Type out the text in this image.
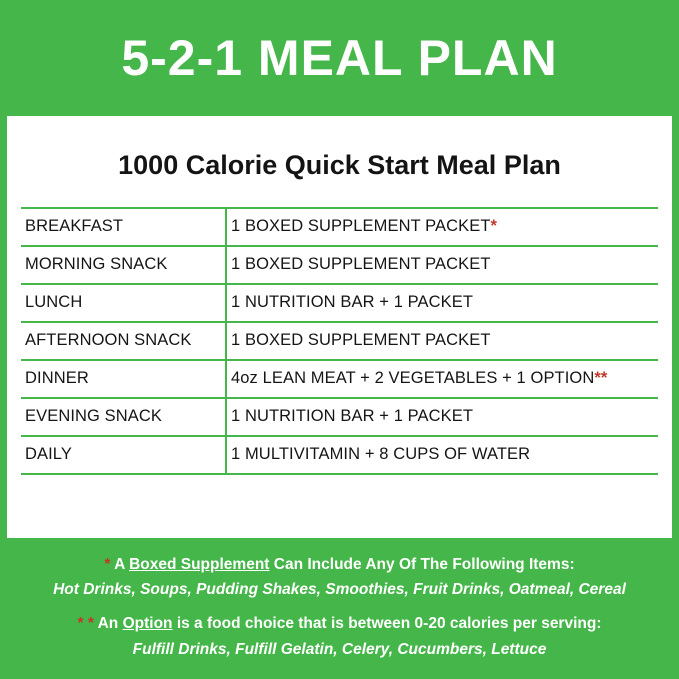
5-2-1 MEAL PLAN
1000 Calorie Quick Start Meal Plan
BREAKFAST	1 BOXED SUPPLEMENT PACKET*
MORNING SNACK	1 BOXED SUPPLEMENT PACKET
LUNCH	1 NUTRITION BAR + 1 PACKET
AFTERNOON SNACK	1 BOXED SUPPLEMENT PACKET
DINNER	4oz LEAN MEAT + 2 VEGETABLES + 1 OPTION**
EVENING SNACK	1 NUTRITION BAR + 1 PACKET
DAILY	1 MULTIVITAMIN + 8 CUPS OF WATER
* A Boxed Supplement Can Include Any Of The Following Items:
Hot Drinks, Soups, Pudding Shakes, Smoothies, Fruit Drinks, Oatmeal, Cereal
* * An Option is a food choice that is between 0-20 calories per serving:
Fulfill Drinks, Fulfill Gelatin, Celery, Cucumbers, Lettuce
